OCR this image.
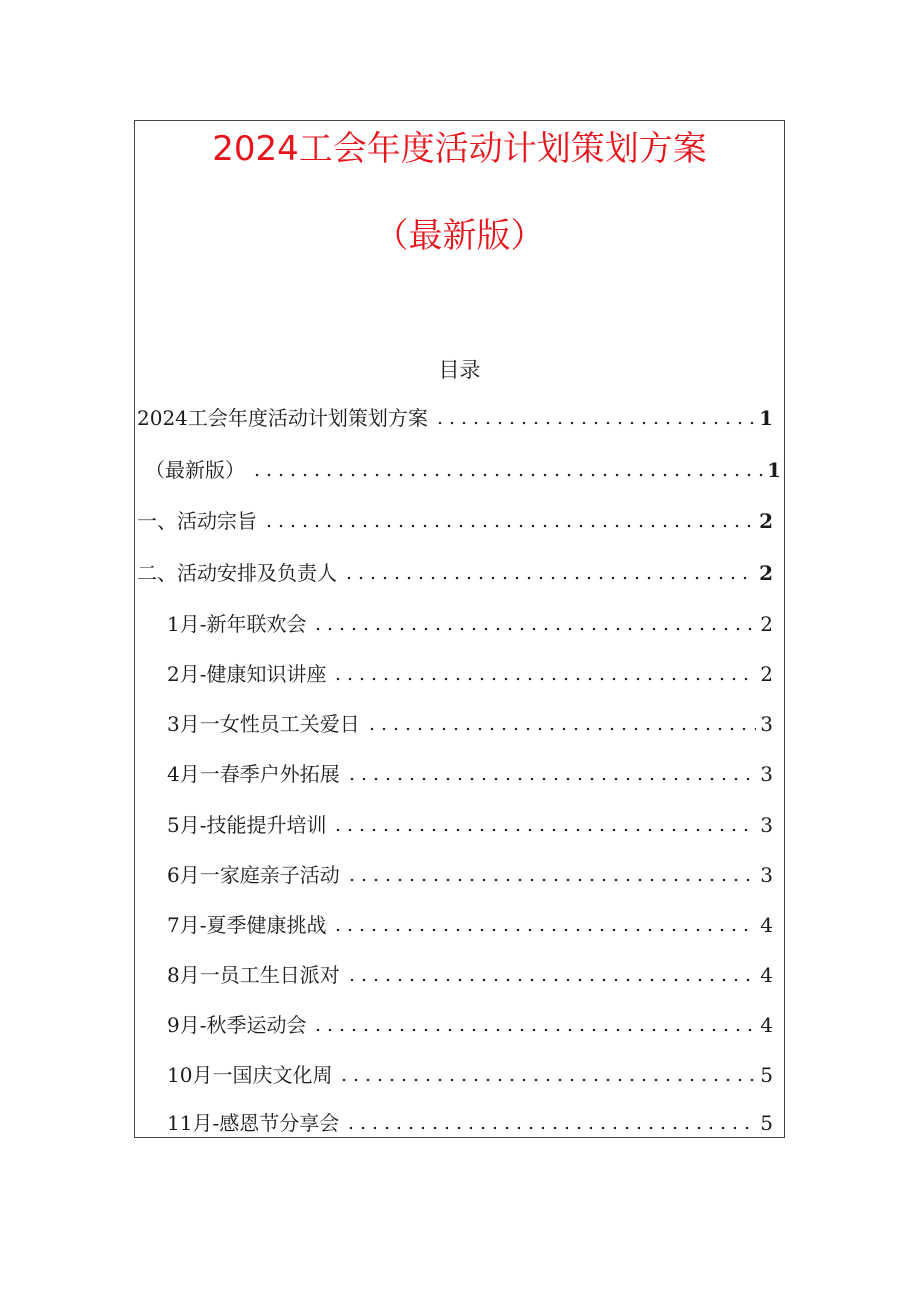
2024工会年度活动计划策划方案
（最新版）
目录
2024工会年度活动计划策划方案	1
（最新版）	1
一、活动宗旨	2
二、活动安排及负责人	2
1月-新年联欢会	2
2月-健康知识讲座	2
3月一女性员工关爱日	3
4月一春季户外拓展	3
5月-技能提升培训	3
6月一家庭亲子活动	3
7月-夏季健康挑战	4
8月一员工生日派对	4
9月-秋季运动会	4
10月一国庆文化周	5
11月-感恩节分享会	5
